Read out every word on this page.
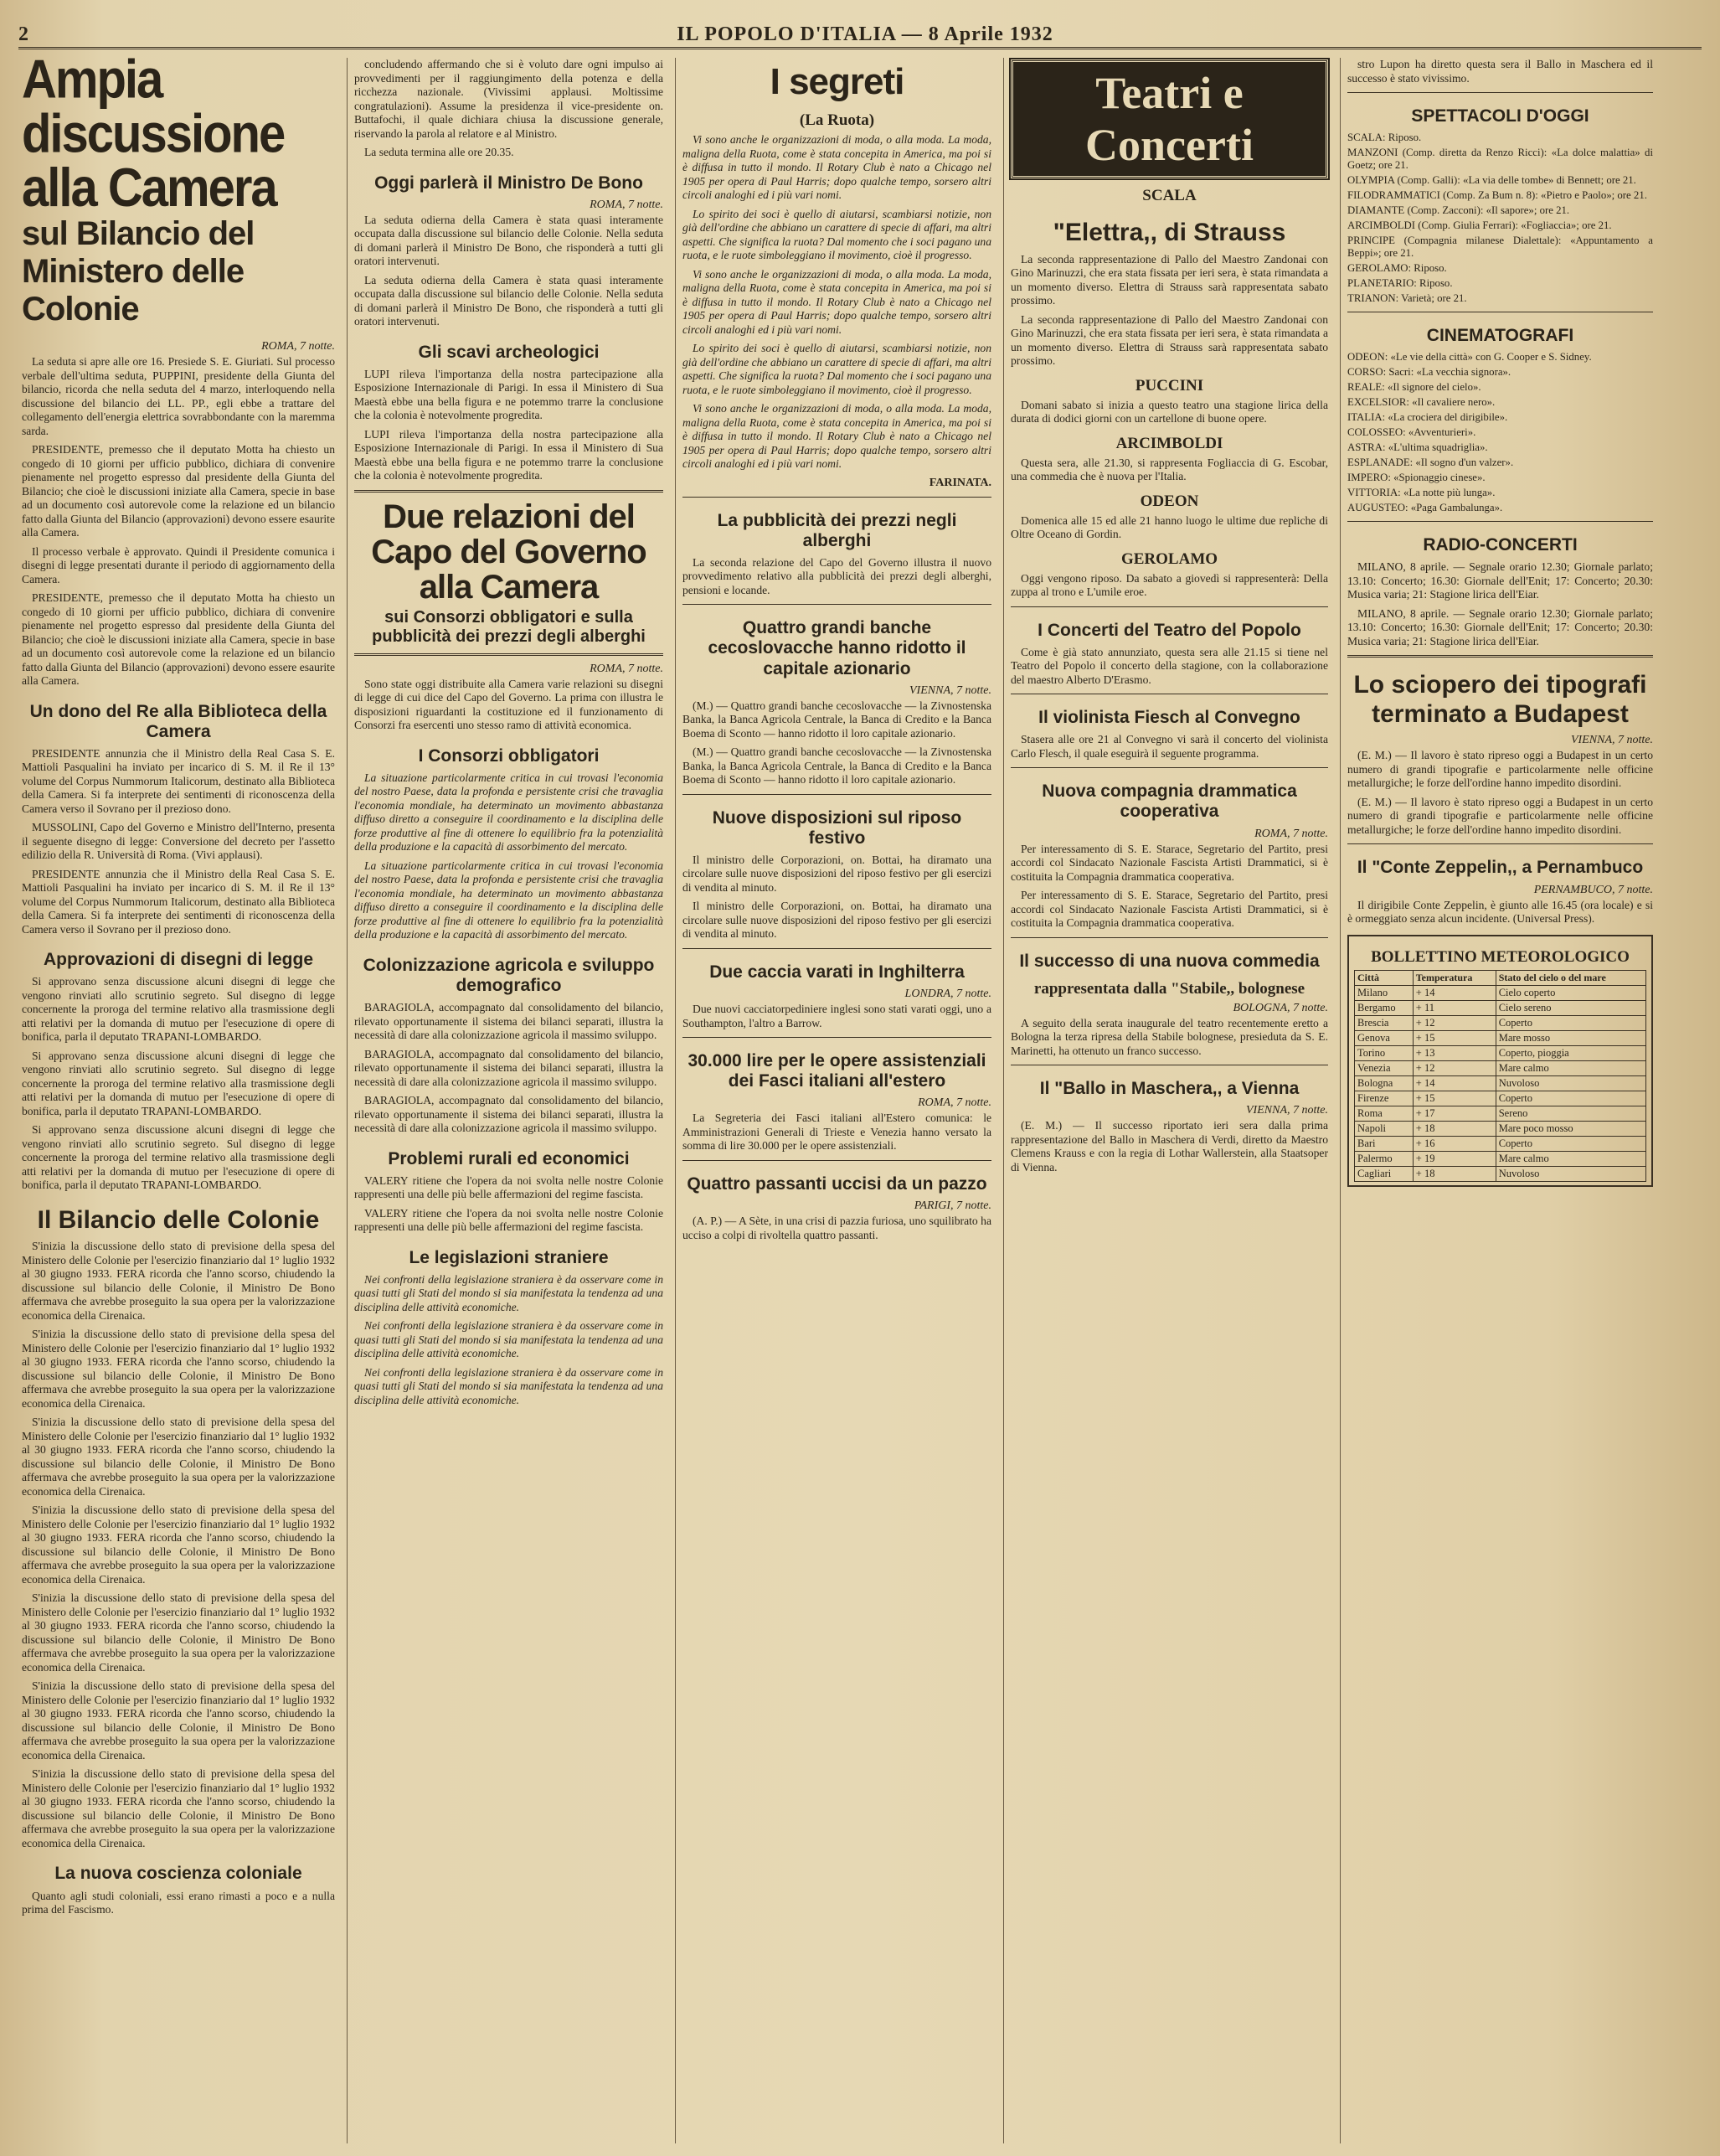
2	IL POPOLO D'ITALIA — 8 Aprile 1932
Ampia discussione alla Camera
sul Bilancio del Ministero delle Colonie
ROMA, 7 notte.

La seduta si apre alle ore 16. Presiede S. E. Giuriati. Sul processo verbale dell'ultima seduta, PUPPINI, presidente della Giunta del bilancio, ricorda che nella seduta del 4 marzo, interloquendo nella discussione del bilancio dei LL. PP., egli ebbe a trattare del collegamento dell'energia elettrica sovrabbondante con la maremma sarda.

PRESIDENTE, premesso che il deputato Motta ha chiesto un congedo di 10 giorni per ufficio pubblico, dichiara di convenire pienamente nel progetto espresso dal presidente della Giunta del Bilancio; che cioè le discussioni iniziate alla Camera, specie in base ad un documento così autorevole come la relazione ed un bilancio fatto dalla Giunta del Bilancio (approvazioni) devono essere esaurite alla Camera.

Il processo verbale è approvato. Quindi il Presidente comunica i disegni di legge presentati durante il periodo di aggiornamento della Camera.

PRESIDENTE, premesso che il deputato Motta ha chiesto un congedo di 10 giorni per ufficio pubblico, dichiara di convenire pienamente nel progetto espresso dal presidente della Giunta del Bilancio; che cioè le discussioni iniziate alla Camera, specie in base ad un documento così autorevole come la relazione ed un bilancio fatto dalla Giunta del Bilancio (approvazioni) devono essere esaurite alla Camera.

Un dono del Re alla Biblioteca della Camera

PRESIDENTE annunzia che il Ministro della Real Casa S. E. Mattioli Pasqualini ha inviato per incarico di S. M. il Re il 13° volume del Corpus Nummorum Italicorum, destinato alla Biblioteca della Camera. Si fa interprete dei sentimenti di riconoscenza della Camera verso il Sovrano per il prezioso dono.

MUSSOLINI, Capo del Governo e Ministro dell'Interno, presenta il seguente disegno di legge: Conversione del decreto per l'assetto edilizio della R. Università di Roma. (Vivi applausi).

PRESIDENTE annunzia che il Ministro della Real Casa S. E. Mattioli Pasqualini ha inviato per incarico di S. M. il Re il 13° volume del Corpus Nummorum Italicorum, destinato alla Biblioteca della Camera. Si fa interprete dei sentimenti di riconoscenza della Camera verso il Sovrano per il prezioso dono.

Approvazioni di disegni di legge

Si approvano senza discussione alcuni disegni di legge che vengono rinviati allo scrutinio segreto. Sul disegno di legge concernente la proroga del termine relativo alla trasmissione degli atti relativi per la domanda di mutuo per l'esecuzione di opere di bonifica, parla il deputato TRAPANI-LOMBARDO.

Si approvano senza discussione alcuni disegni di legge che vengono rinviati allo scrutinio segreto. Sul disegno di legge concernente la proroga del termine relativo alla trasmissione degli atti relativi per la domanda di mutuo per l'esecuzione di opere di bonifica, parla il deputato TRAPANI-LOMBARDO.

Si approvano senza discussione alcuni disegni di legge che vengono rinviati allo scrutinio segreto. Sul disegno di legge concernente la proroga del termine relativo alla trasmissione degli atti relativi per la domanda di mutuo per l'esecuzione di opere di bonifica, parla il deputato TRAPANI-LOMBARDO.

Il Bilancio delle Colonie

S'inizia la discussione dello stato di previsione della spesa del Ministero delle Colonie per l'esercizio finanziario dal 1° luglio 1932 al 30 giugno 1933. FERA ricorda che l'anno scorso, chiudendo la discussione sul bilancio delle Colonie, il Ministro De Bono affermava che avrebbe proseguito la sua opera per la valorizzazione economica della Cirenaica.

S'inizia la discussione dello stato di previsione della spesa del Ministero delle Colonie per l'esercizio finanziario dal 1° luglio 1932 al 30 giugno 1933. FERA ricorda che l'anno scorso, chiudendo la discussione sul bilancio delle Colonie, il Ministro De Bono affermava che avrebbe proseguito la sua opera per la valorizzazione economica della Cirenaica.

S'inizia la discussione dello stato di previsione della spesa del Ministero delle Colonie per l'esercizio finanziario dal 1° luglio 1932 al 30 giugno 1933. FERA ricorda che l'anno scorso, chiudendo la discussione sul bilancio delle Colonie, il Ministro De Bono affermava che avrebbe proseguito la sua opera per la valorizzazione economica della Cirenaica.

S'inizia la discussione dello stato di previsione della spesa del Ministero delle Colonie per l'esercizio finanziario dal 1° luglio 1932 al 30 giugno 1933. FERA ricorda che l'anno scorso, chiudendo la discussione sul bilancio delle Colonie, il Ministro De Bono affermava che avrebbe proseguito la sua opera per la valorizzazione economica della Cirenaica.

S'inizia la discussione dello stato di previsione della spesa del Ministero delle Colonie per l'esercizio finanziario dal 1° luglio 1932 al 30 giugno 1933. FERA ricorda che l'anno scorso, chiudendo la discussione sul bilancio delle Colonie, il Ministro De Bono affermava che avrebbe proseguito la sua opera per la valorizzazione economica della Cirenaica.

S'inizia la discussione dello stato di previsione della spesa del Ministero delle Colonie per l'esercizio finanziario dal 1° luglio 1932 al 30 giugno 1933. FERA ricorda che l'anno scorso, chiudendo la discussione sul bilancio delle Colonie, il Ministro De Bono affermava che avrebbe proseguito la sua opera per la valorizzazione economica della Cirenaica.

S'inizia la discussione dello stato di previsione della spesa del Ministero delle Colonie per l'esercizio finanziario dal 1° luglio 1932 al 30 giugno 1933. FERA ricorda che l'anno scorso, chiudendo la discussione sul bilancio delle Colonie, il Ministro De Bono affermava che avrebbe proseguito la sua opera per la valorizzazione economica della Cirenaica.

La nuova coscienza coloniale

Quanto agli studi coloniali, essi erano rimasti a poco e a nulla prima del Fascismo.

concludendo affermando che si è voluto dare ogni impulso ai provvedimenti per il raggiungimento della potenza e della ricchezza nazionale. (Vivissimi applausi. Moltissime congratulazioni). Assume la presidenza il vice-presidente on. Buttafochi, il quale dichiara chiusa la discussione generale, riservando la parola al relatore e al Ministro.

La seduta termina alle ore 20.35.

Oggi parlerà il Ministro De Bono
ROMA, 7 notte.

La seduta odierna della Camera è stata quasi interamente occupata dalla discussione sul bilancio delle Colonie. Nella seduta di domani parlerà il Ministro De Bono, che risponderà a tutti gli oratori intervenuti.

La seduta odierna della Camera è stata quasi interamente occupata dalla discussione sul bilancio delle Colonie. Nella seduta di domani parlerà il Ministro De Bono, che risponderà a tutti gli oratori intervenuti.

Gli scavi archeologici

LUPI rileva l'importanza della nostra partecipazione alla Esposizione Internazionale di Parigi. In essa il Ministero di Sua Maestà ebbe una bella figura e ne potemmo trarre la conclusione che la colonia è notevolmente progredita.

LUPI rileva l'importanza della nostra partecipazione alla Esposizione Internazionale di Parigi. In essa il Ministero di Sua Maestà ebbe una bella figura e ne potemmo trarre la conclusione che la colonia è notevolmente progredita.

Due relazioni del Capo del Governo alla Camera
sui Consorzi obbligatori e sulla pubblicità dei prezzi degli alberghi
ROMA, 7 notte.

Sono state oggi distribuite alla Camera varie relazioni su disegni di legge di cui dice del Capo del Governo. La prima con illustra le disposizioni riguardanti la costituzione ed il funzionamento di Consorzi fra esercenti uno stesso ramo di attività economica.

I Consorzi obbligatori

La situazione particolarmente critica in cui trovasi l'economia del nostro Paese, data la profonda e persistente crisi che travaglia l'economia mondiale, ha determinato un movimento abbastanza diffuso diretto a conseguire il coordinamento e la disciplina delle forze produttive al fine di ottenere lo equilibrio fra la potenzialità della produzione e la capacità di assorbimento del mercato.

La situazione particolarmente critica in cui trovasi l'economia del nostro Paese, data la profonda e persistente crisi che travaglia l'economia mondiale, ha determinato un movimento abbastanza diffuso diretto a conseguire il coordinamento e la disciplina delle forze produttive al fine di ottenere lo equilibrio fra la potenzialità della produzione e la capacità di assorbimento del mercato.

Colonizzazione agricola e sviluppo demografico

BARAGIOLA, accompagnato dal consolidamento del bilancio, rilevato opportunamente il sistema dei bilanci separati, illustra la necessità di dare alla colonizzazione agricola il massimo sviluppo.

BARAGIOLA, accompagnato dal consolidamento del bilancio, rilevato opportunamente il sistema dei bilanci separati, illustra la necessità di dare alla colonizzazione agricola il massimo sviluppo.

BARAGIOLA, accompagnato dal consolidamento del bilancio, rilevato opportunamente il sistema dei bilanci separati, illustra la necessità di dare alla colonizzazione agricola il massimo sviluppo.

Problemi rurali ed economici

VALERY ritiene che l'opera da noi svolta nelle nostre Colonie rappresenti una delle più belle affermazioni del regime fascista.

VALERY ritiene che l'opera da noi svolta nelle nostre Colonie rappresenti una delle più belle affermazioni del regime fascista.

Le legislazioni straniere

Nei confronti della legislazione straniera è da osservare come in quasi tutti gli Stati del mondo si sia manifestata la tendenza ad una disciplina delle attività economiche.

Nei confronti della legislazione straniera è da osservare come in quasi tutti gli Stati del mondo si sia manifestata la tendenza ad una disciplina delle attività economiche.

Nei confronti della legislazione straniera è da osservare come in quasi tutti gli Stati del mondo si sia manifestata la tendenza ad una disciplina delle attività economiche.

I segreti
(La Ruota)

Vi sono anche le organizzazioni di moda, o alla moda. La moda, maligna della Ruota, come è stata concepita in America, ma poi si è diffusa in tutto il mondo. Il Rotary Club è nato a Chicago nel 1905 per opera di Paul Harris; dopo qualche tempo, sorsero altri circoli analoghi ed i più vari nomi.

Lo spirito dei soci è quello di aiutarsi, scambiarsi notizie, non già dell'ordine che abbiano un carattere di specie di affari, ma altri aspetti. Che significa la ruota? Dal momento che i soci pagano una ruota, e le ruote simboleggiano il movimento, cioè il progresso.

Vi sono anche le organizzazioni di moda, o alla moda. La moda, maligna della Ruota, come è stata concepita in America, ma poi si è diffusa in tutto il mondo. Il Rotary Club è nato a Chicago nel 1905 per opera di Paul Harris; dopo qualche tempo, sorsero altri circoli analoghi ed i più vari nomi.

Lo spirito dei soci è quello di aiutarsi, scambiarsi notizie, non già dell'ordine che abbiano un carattere di specie di affari, ma altri aspetti. Che significa la ruota? Dal momento che i soci pagano una ruota, e le ruote simboleggiano il movimento, cioè il progresso.

Vi sono anche le organizzazioni di moda, o alla moda. La moda, maligna della Ruota, come è stata concepita in America, ma poi si è diffusa in tutto il mondo. Il Rotary Club è nato a Chicago nel 1905 per opera di Paul Harris; dopo qualche tempo, sorsero altri circoli analoghi ed i più vari nomi.

FARINATA.
La pubblicità dei prezzi negli alberghi

La seconda relazione del Capo del Governo illustra il nuovo provvedimento relativo alla pubblicità dei prezzi degli alberghi, pensioni e locande.

Quattro grandi banche cecoslovacche hanno ridotto il capitale azionario
VIENNA, 7 notte.

(M.) — Quattro grandi banche cecoslovacche — la Zivnostenska Banka, la Banca Agricola Centrale, la Banca di Credito e la Banca Boema di Sconto — hanno ridotto il loro capitale azionario.

(M.) — Quattro grandi banche cecoslovacche — la Zivnostenska Banka, la Banca Agricola Centrale, la Banca di Credito e la Banca Boema di Sconto — hanno ridotto il loro capitale azionario.

Nuove disposizioni sul riposo festivo

Il ministro delle Corporazioni, on. Bottai, ha diramato una circolare sulle nuove disposizioni del riposo festivo per gli esercizi di vendita al minuto.

Il ministro delle Corporazioni, on. Bottai, ha diramato una circolare sulle nuove disposizioni del riposo festivo per gli esercizi di vendita al minuto.

Due caccia varati in Inghilterra
LONDRA, 7 notte.

Due nuovi cacciatorpediniere inglesi sono stati varati oggi, uno a Southampton, l'altro a Barrow.

30.000 lire per le opere assistenziali dei Fasci italiani all'estero
ROMA, 7 notte.

La Segreteria dei Fasci italiani all'Estero comunica: le Amministrazioni Generali di Trieste e Venezia hanno versato la somma di lire 30.000 per le opere assistenziali.

Quattro passanti uccisi da un pazzo
PARIGI, 7 notte.

(A. P.) — A Sète, in una crisi di pazzia furiosa, uno squilibrato ha ucciso a colpi di rivoltella quattro passanti.

Teatri e Concerti
SCALA
"Elettra,, di Strauss

La seconda rappresentazione di Pallo del Maestro Zandonai con Gino Marinuzzi, che era stata fissata per ieri sera, è stata rimandata a un momento diverso. Elettra di Strauss sarà rappresentata sabato prossimo.

La seconda rappresentazione di Pallo del Maestro Zandonai con Gino Marinuzzi, che era stata fissata per ieri sera, è stata rimandata a un momento diverso. Elettra di Strauss sarà rappresentata sabato prossimo.

PUCCINI

Domani sabato si inizia a questo teatro una stagione lirica della durata di dodici giorni con un cartellone di buone opere.

ARCIMBOLDI

Questa sera, alle 21.30, si rappresenta Fogliaccia di G. Escobar, una commedia che è nuova per l'Italia.

ODEON

Domenica alle 15 ed alle 21 hanno luogo le ultime due repliche di Oltre Oceano di Gordin.

GEROLAMO

Oggi vengono riposo. Da sabato a giovedì si rappresenterà: Della zuppa al trono e L'umile eroe.

I Concerti del Teatro del Popolo

Come è già stato annunziato, questa sera alle 21.15 si tiene nel Teatro del Popolo il concerto della stagione, con la collaborazione del maestro Alberto D'Erasmo.

Il violinista Fiesch al Convegno

Stasera alle ore 21 al Convegno vi sarà il concerto del violinista Carlo Flesch, il quale eseguirà il seguente programma.

Nuova compagnia drammatica cooperativa
ROMA, 7 notte.

Per interessamento di S. E. Starace, Segretario del Partito, presi accordi col Sindacato Nazionale Fascista Artisti Drammatici, si è costituita la Compagnia drammatica cooperativa.

Per interessamento di S. E. Starace, Segretario del Partito, presi accordi col Sindacato Nazionale Fascista Artisti Drammatici, si è costituita la Compagnia drammatica cooperativa.

Il successo di una nuova commedia
rappresentata dalla "Stabile,, bolognese
BOLOGNA, 7 notte.

A seguito della serata inaugurale del teatro recentemente eretto a Bologna la terza ripresa della Stabile bolognese, presieduta da S. E. Marinetti, ha ottenuto un franco successo.

Il "Ballo in Maschera,, a Vienna
VIENNA, 7 notte.

(E. M.) — Il successo riportato ieri sera dalla prima rappresentazione del Ballo in Maschera di Verdi, diretto da Maestro Clemens Krauss e con la regia di Lothar Wallerstein, alla Staatsoper di Vienna.

stro Lupon ha diretto questa sera il Ballo in Maschera ed il successo è stato vivissimo.

SPETTACOLI D'OGGI

SCALA: Riposo.

MANZONI (Comp. diretta da Renzo Ricci): «La dolce malattia» di Goetz; ore 21.

OLYMPIA (Comp. Galli): «La via delle tombe» di Bennett; ore 21.

FILODRAMMATICI (Comp. Za Bum n. 8): «Pietro e Paolo»; ore 21.

DIAMANTE (Comp. Zacconi): «Il sapore»; ore 21.

ARCIMBOLDI (Comp. Giulia Ferrari): «Fogliaccia»; ore 21.

PRINCIPE (Compagnia milanese Dialettale): «Appuntamento a Beppi»; ore 21.

GEROLAMO: Riposo.

PLANETARIO: Riposo.

TRIANON: Varietà; ore 21.

CINEMATOGRAFI

ODEON: «Le vie della città» con G. Cooper e S. Sidney.

CORSO: Sacri: «La vecchia signora».

REALE: «Il signore del cielo».

EXCELSIOR: «Il cavaliere nero».

ITALIA: «La crociera del dirigibile».

COLOSSEO: «Avventurieri».

ASTRA: «L'ultima squadriglia».

ESPLANADE: «Il sogno d'un valzer».

IMPERO: «Spionaggio cinese».

VITTORIA: «La notte più lunga».

AUGUSTEO: «Paga Gambalunga».

RADIO-CONCERTI

MILANO, 8 aprile. — Segnale orario 12.30; Giornale parlato; 13.10: Concerto; 16.30: Giornale dell'Enit; 17: Concerto; 20.30: Musica varia; 21: Stagione lirica dell'Eiar.

MILANO, 8 aprile. — Segnale orario 12.30; Giornale parlato; 13.10: Concerto; 16.30: Giornale dell'Enit; 17: Concerto; 20.30: Musica varia; 21: Stagione lirica dell'Eiar.

Lo sciopero dei tipografi terminato a Budapest
VIENNA, 7 notte.

(E. M.) — Il lavoro è stato ripreso oggi a Budapest in un certo numero di grandi tipografie e particolarmente nelle officine metallurgiche; le forze dell'ordine hanno impedito disordini.

(E. M.) — Il lavoro è stato ripreso oggi a Budapest in un certo numero di grandi tipografie e particolarmente nelle officine metallurgiche; le forze dell'ordine hanno impedito disordini.

Il "Conte Zeppelin,, a Pernambuco
PERNAMBUCO, 7 notte.

Il dirigibile Conte Zeppelin, è giunto alle 16.45 (ora locale) e si è ormeggiato senza alcun incidente. (Universal Press).

BOLLETTINO METEOROLOGICO
Città	Temperatura	Stato del cielo o del mare
Milano	+ 14	Cielo coperto
Bergamo	+ 11	Cielo sereno
Brescia	+ 12	Coperto
Genova	+ 15	Mare mosso
Torino	+ 13	Coperto, pioggia
Venezia	+ 12	Mare calmo
Bologna	+ 14	Nuvoloso
Firenze	+ 15	Coperto
Roma	+ 17	Sereno
Napoli	+ 18	Mare poco mosso
Bari	+ 16	Coperto
Palermo	+ 19	Mare calmo
Cagliari	+ 18	Nuvoloso
